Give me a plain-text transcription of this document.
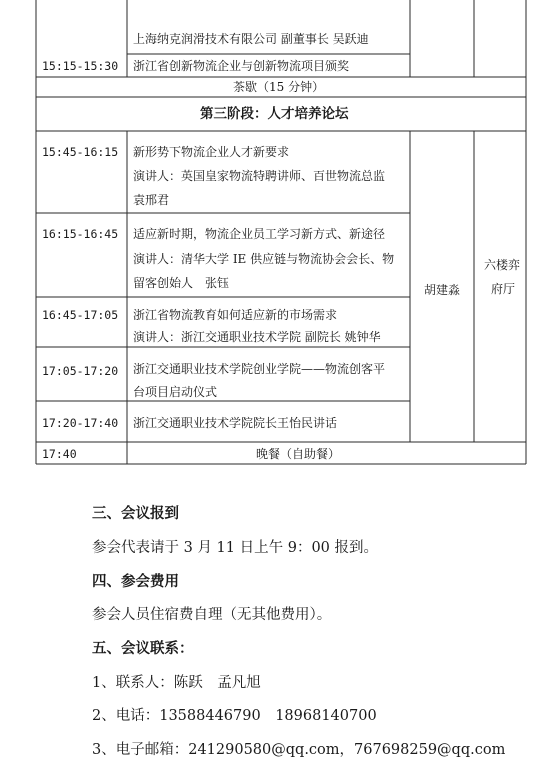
上海纳克润滑技术有限公司 副董事长 吴跃迪
15:15-15:30 浙江省创新物流企业与创新物流项目颁奖
茶歇（15 分钟）
第三阶段：人才培养论坛
15:45-16:15 新形势下物流企业人才新要求
演讲人：英国皇家物流特聘讲师、百世物流总监
袁邢君
16:15-16:45 适应新时期，物流企业员工学习新方式、新途径
演讲人：清华大学 IE 供应链与物流协会会长、物
留客创始人　张钰
16:45-17:05 浙江省物流教育如何适应新的市场需求
演讲人：浙江交通职业技术学院 副院长 姚钟华
17:05-17:20 浙江交通职业技术学院创业学院——物流创客平
台项目启动仪式
17:20-17:40 浙江交通职业技术学院院长王怡民讲话
17:40	晚餐（自助餐）
胡建淼
六楼弈
府厅
三、会议报到
参会代表请于 3 月 11 日上午 9：00 报到。
四、参会费用
参会人员住宿费自理（无其他费用）。
五、会议联系：
1、联系人：陈跃　孟凡旭
2、电话：13588446790　18968140700
3、电子邮箱：241290580@qq.com，767698259@qq.com
